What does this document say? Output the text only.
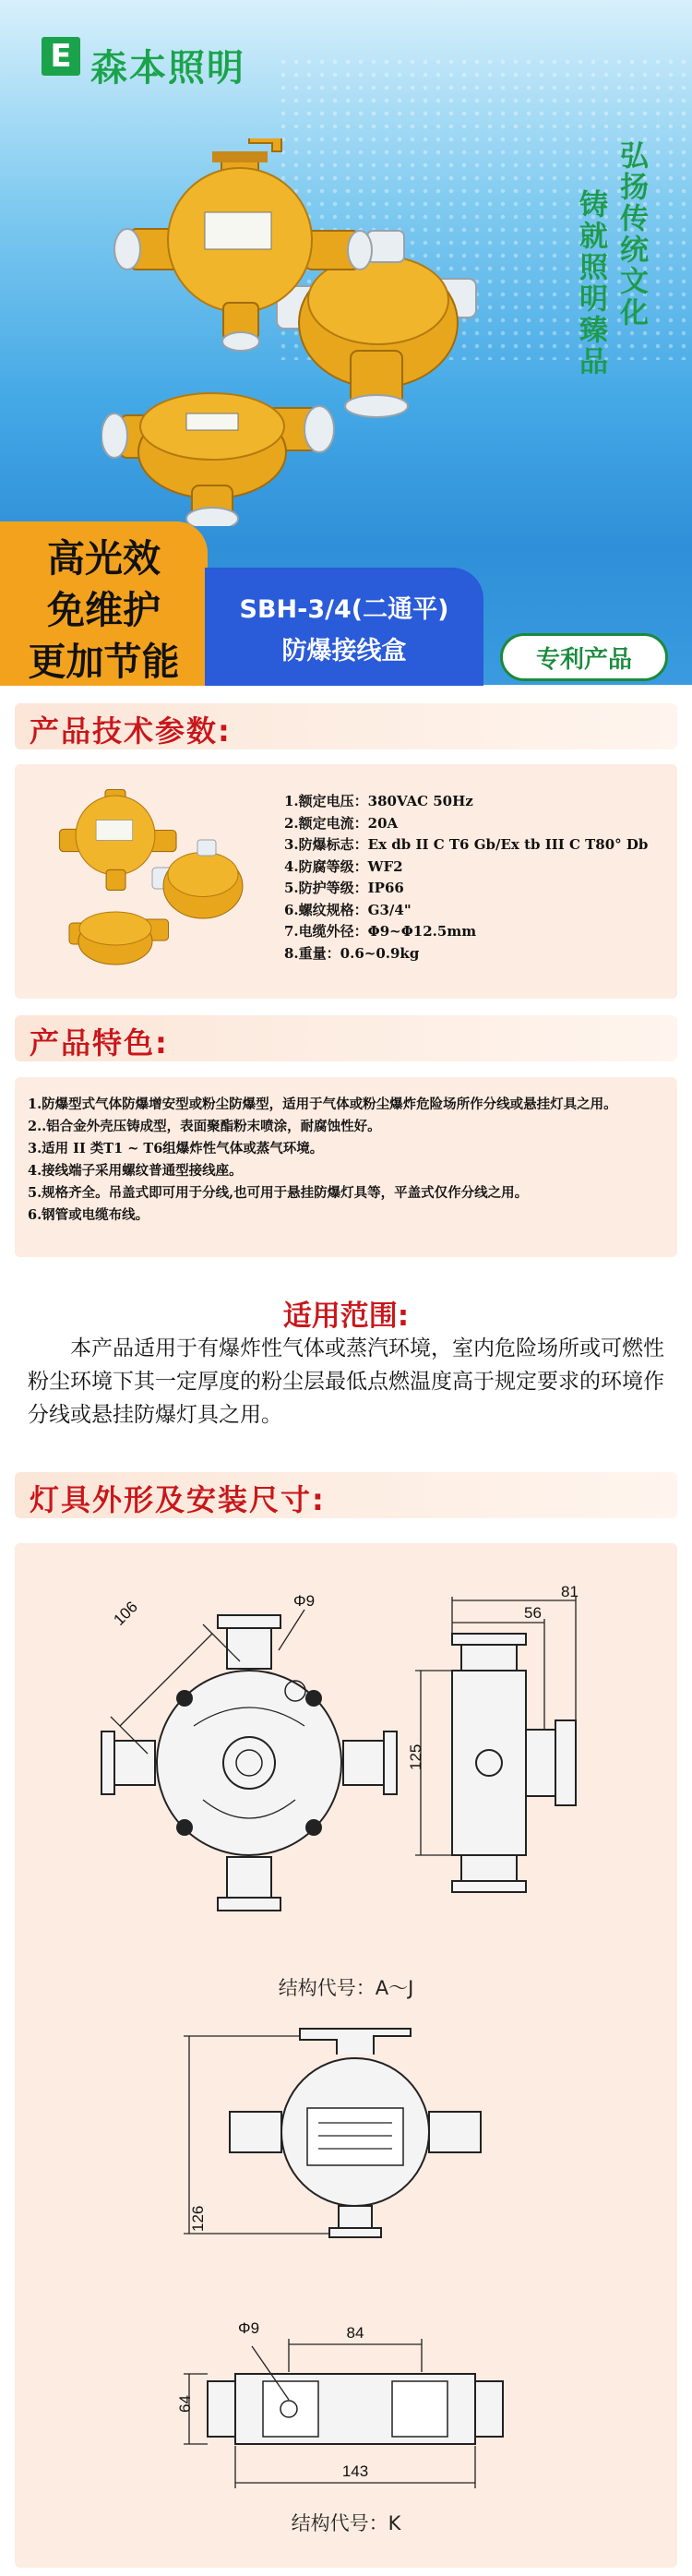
E 森本照明
弘扬传统文化
铸就照明臻品
高光效
免维护
更加节能
SBH-3/4(二通平)
防爆接线盒	专利产品
产品技术参数:
1.额定电压：380VAC 50Hz
2.额定电流：20A
3.防爆标志：Ex db II C T6 Gb/Ex tb III C T80° Db
4.防腐等级：WF2
5.防护等级：IP66
6.螺纹规格：G3/4"
7.电缆外径：Φ9~Φ12.5mm
8.重量：0.6~0.9kg
产品特色:
1.防爆型式气体防爆增安型或粉尘防爆型，适用于气体或粉尘爆炸危险场所作分线或悬挂灯具之用。
2..铝合金外壳压铸成型，表面聚酯粉末喷涂，耐腐蚀性好。
3.适用 II 类T1 ~ T6组爆炸性气体或蒸气环境。
4.接线端子采用螺纹普通型接线座。
5.规格齐全。吊盖式即可用于分线,也可用于悬挂防爆灯具等，平盖式仅作分线之用。
6.钢管或电缆布线。
适用范围:
本产品适用于有爆炸性气体或蒸汽环境，室内危险场所或可燃性粉尘环境下其一定厚度的粉尘层最低点燃温度高于规定要求的环境作分线或悬挂防爆灯具之用。
灯具外形及安装尺寸:
106	Φ9
81
56
125
结构代号：A～J
126
Φ9	84
64
143
结构代号：K
